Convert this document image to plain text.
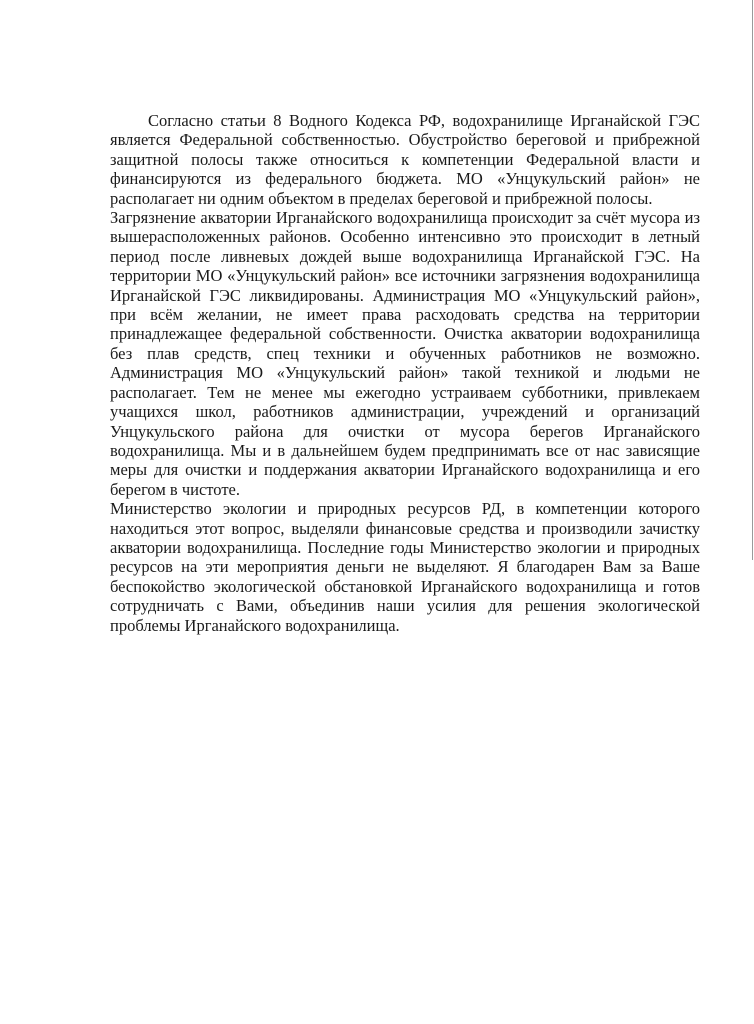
Согласно статьи 8 Водного Кодекса РФ, водохранилище Ирганайской ГЭС является Федеральной собственностью. Обустройство береговой и прибрежной защитной полосы также относиться к компетенции Федеральной власти и финансируются из федерального бюджета. МО «Унцукульский район» не располагает ни одним объектом в пределах береговой и прибрежной полосы.

Загрязнение акватории Ирганайского водохранилища происходит за счёт мусора из вышерасположенных районов. Особенно интенсивно это происходит в летный период после ливневых дождей выше водохранилища Ирганайской ГЭС. На территории МО «Унцукульский район» все источники загрязнения водохранилища Ирганайской ГЭС ликвидированы. Администрация МО «Унцукульский район», при всём желании, не имеет права расходовать средства на территории принадлежащее федеральной собственности. Очистка акватории водохранилища без плав средств, спец техники и обученных работников не возможно. Администрация МО «Унцукульский район» такой техникой и людьми не располагает. Тем не менее мы ежегодно устраиваем субботники, привлекаем учащихся школ, работников администрации, учреждений и организаций Унцукульского района для очистки от мусора берегов Ирганайского водохранилища. Мы и в дальнейшем будем предпринимать все от нас зависящие меры для очистки и поддержания акватории Ирганайского водохранилища и его берегом в чистоте.

Министерство экологии и природных ресурсов РД, в компетенции которого находиться этот вопрос, выделяли финансовые средства и производили зачистку акватории водохранилища. Последние годы Министерство экологии и природных ресурсов на эти мероприятия деньги не выделяют. Я благодарен Вам за Ваше беспокойство экологической обстановкой Ирганайского водохранилища и готов сотрудничать с Вами, объединив наши усилия для решения экологической проблемы Ирганайского водохранилища.
